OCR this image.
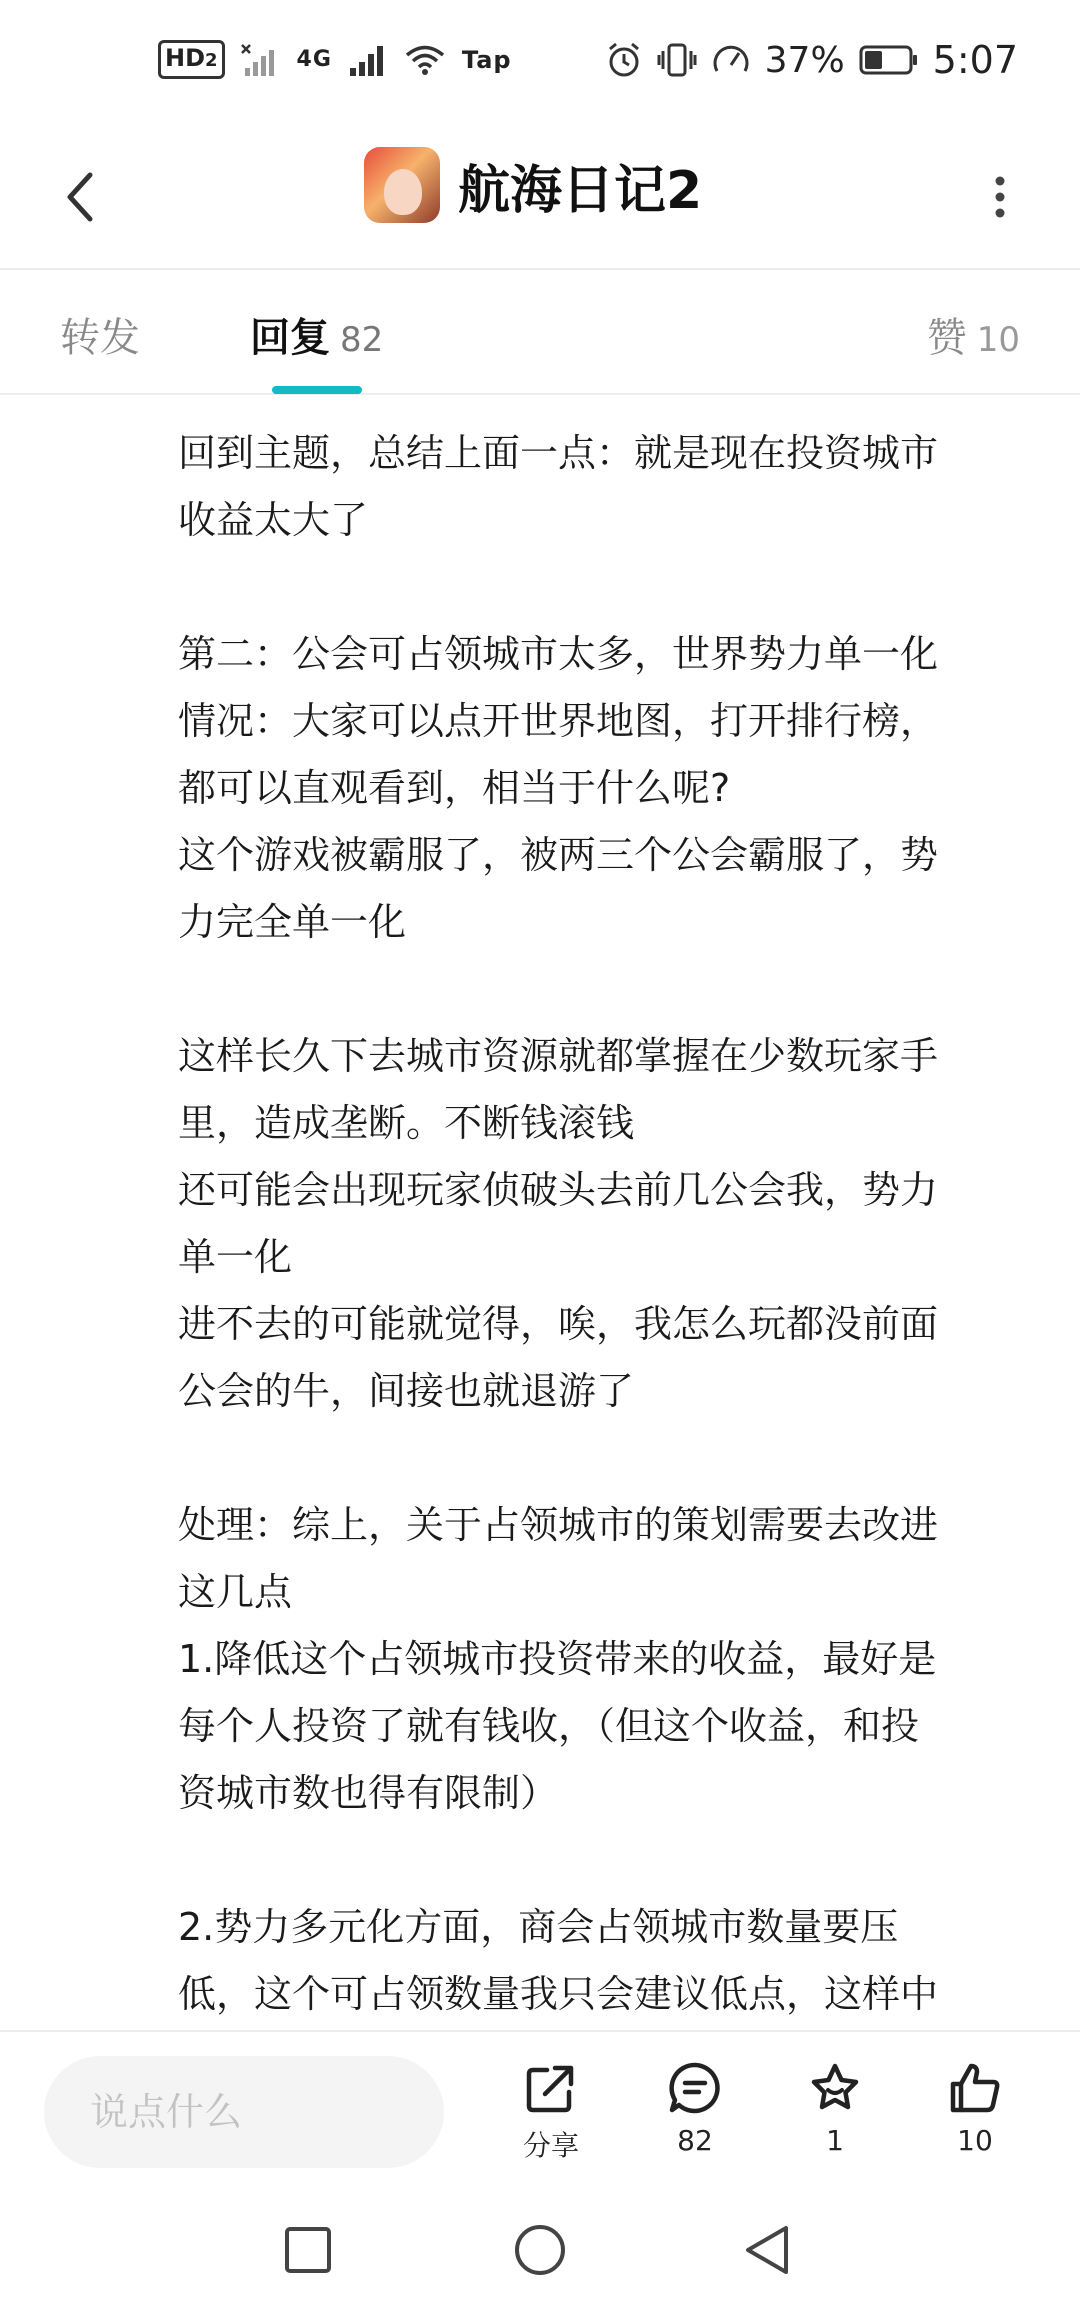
HD2	4G	Tap	37% 5:07
航海日记2
转发	回复 82	赞 10
回到主题，总结上面一点：就是现在投资城市
收益太大了
第二：公会可占领城市太多，世界势力单一化
情况：大家可以点开世界地图，打开排行榜，
都可以直观看到，相当于什么呢?
这个游戏被霸服了，被两三个公会霸服了，势
力完全单一化
这样长久下去城市资源就都掌握在少数玩家手
里，造成垄断。不断钱滚钱
还可能会出现玩家侦破头去前几公会我，势力
单一化
进不去的可能就觉得，唉，我怎么玩都没前面
公会的牛，间接也就退游了
处理：综上，关于占领城市的策划需要去改进
这几点
1.降低这个占领城市投资带来的收益，最好是
每个人投资了就有钱收，（但这个收益，和投
资城市数也得有限制）
2.势力多元化方面，商会占领城市数量要压
低，这个可占领数量我只会建议低点，这样中
说点什么
分享	82	1	10
